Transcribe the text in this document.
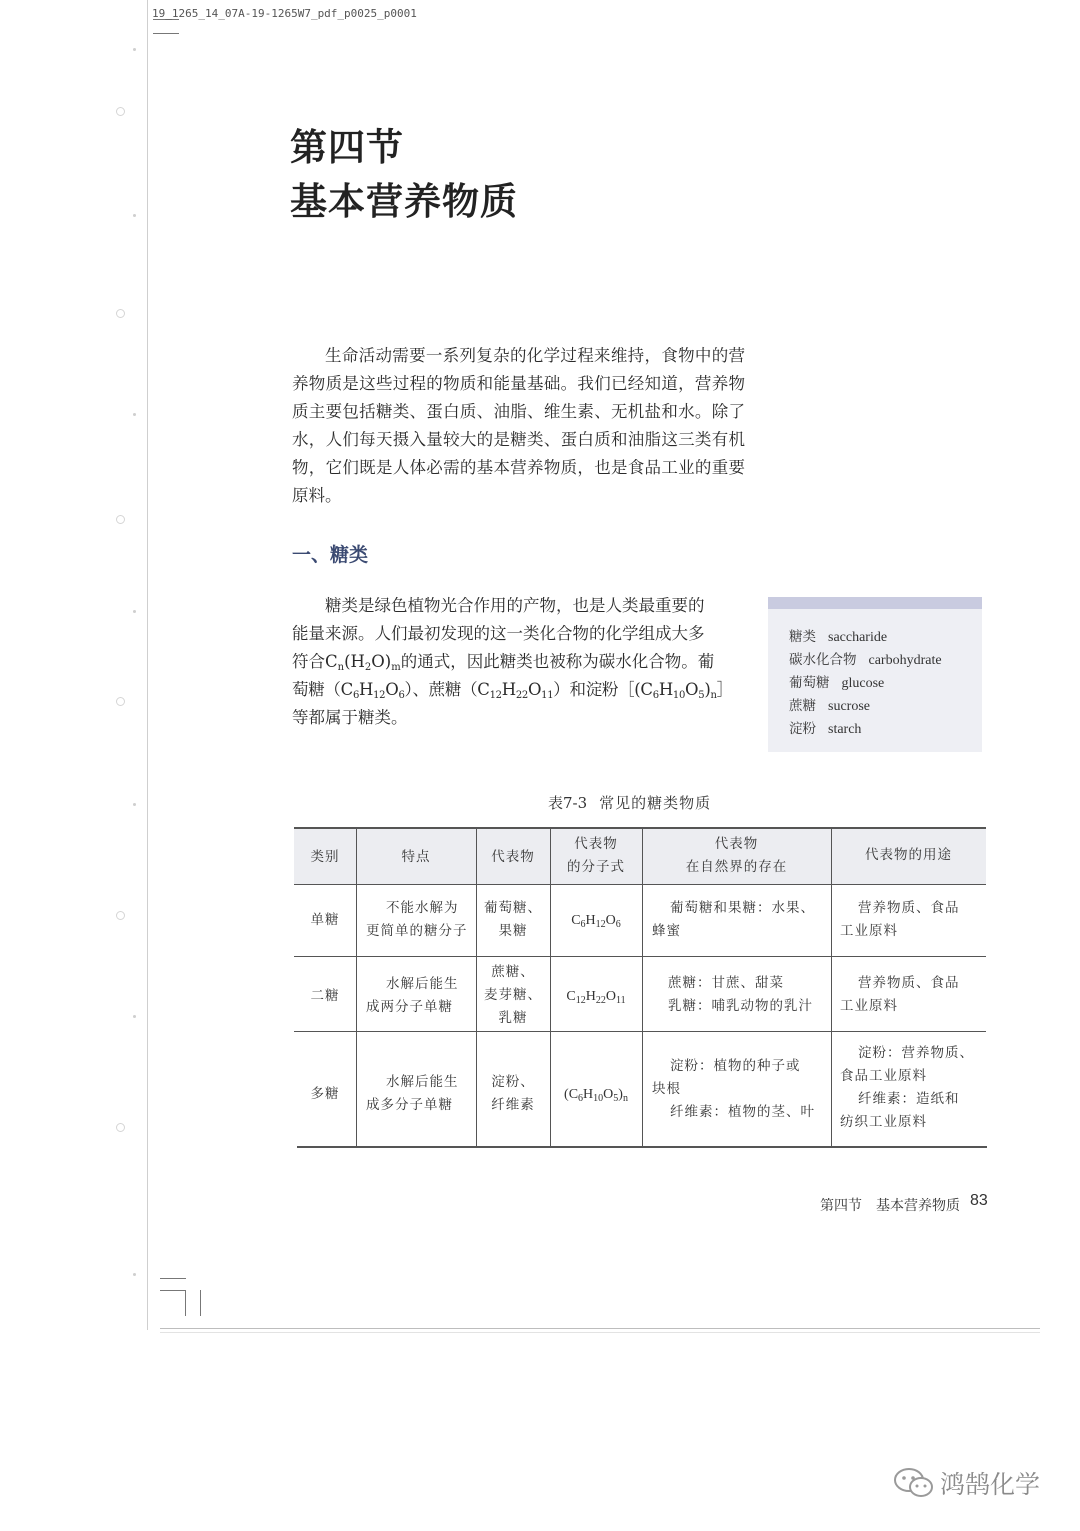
19_1265_14_07A-19-1265W7_pdf_p0025_p0001
第四节
基本营养物质
生命活动需要一系列复杂的化学过程来维持，食物中的营养物质是这些过程的物质和能量基础。我们已经知道，营养物质主要包括糖类、蛋白质、油脂、维生素、无机盐和水。除了水，人们每天摄入量较大的是糖类、蛋白质和油脂这三类有机物，它们既是人体必需的基本营养物质，也是食品工业的重要原料。
一、糖类
糖类是绿色植物光合作用的产物，也是人类最重要的
能量来源。人们最初发现的这一类化合物的化学组成大多
符合$C_n(H_2O)_m$的通式，因此糖类也被称为碳水化合物。葡
萄糖$(C_6H_{12}O_6)$、蔗糖$(C_{12}H_{22}O_{11})$和淀粉$[(C_6H_{10}O_5)_n]$
等都属于糖类。
糖类 saccharide
碳水化合物 carbohydrate
葡萄糖 glucose
蔗糖 sucrose
淀粉 starch
表7-3 常见的糖类物质
类别	特点	代表物
代表物
的分子式
代表物
在自然界的存在
代表物的用途
单糖
不能水解为
更简单的糖分子
葡萄糖、
果糖
$C_6H_{12}O_6$
葡萄糖和果糖：水果、
蜂蜜
营养物质、食品
工业原料
二糖
水解后能生
成两分子单糖
蔗糖、
麦芽糖、
乳糖
$C_{12}H_{22}O_{11}$
蔗糖：甘蔗、甜菜
乳糖：哺乳动物的乳汁
营养物质、食品
工业原料
多糖
水解后能生
成多分子单糖
淀粉、
纤维素
$(C_6H_{10}O_5)_n$
淀粉：植物的种子或
块根
纤维素：植物的茎、叶
淀粉：营养物质、
食品工业原料
纤维素：造纸和
纺织工业原料
第四节　基本营养物质 83
鸿鹄化学
